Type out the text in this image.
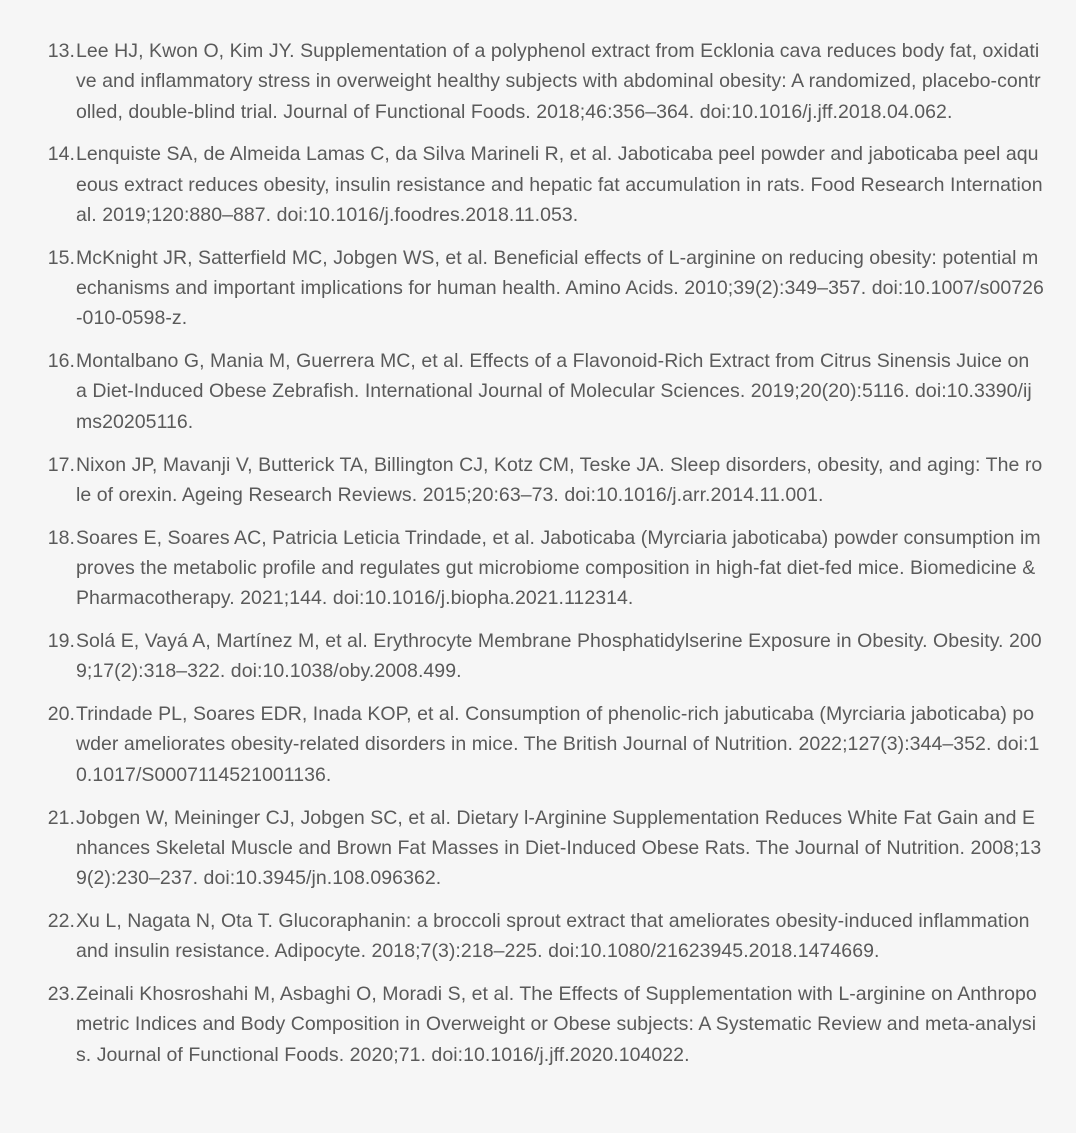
13. Lee HJ, Kwon O, Kim JY. Supplementation of a polyphenol extract from Ecklonia cava reduces body fat, oxidative and inflammatory stress in overweight healthy subjects with abdominal obesity: A randomized, placebo-controlled, double-blind trial. Journal of Functional Foods. 2018;46:356–364. doi:10.1016/j.jff.2018.04.062.
14. Lenquiste SA, de Almeida Lamas C, da Silva Marineli R, et al. Jaboticaba peel powder and jaboticaba peel aqueous extract reduces obesity, insulin resistance and hepatic fat accumulation in rats. Food Research International. 2019;120:880–887. doi:10.1016/j.foodres.2018.11.053.
15. McKnight JR, Satterfield MC, Jobgen WS, et al. Beneficial effects of L-arginine on reducing obesity: potential mechanisms and important implications for human health. Amino Acids. 2010;39(2):349–357. doi:10.1007/s00726-010-0598-z.
16. Montalbano G, Mania M, Guerrera MC, et al. Effects of a Flavonoid-Rich Extract from Citrus Sinensis Juice on a Diet-Induced Obese Zebrafish. International Journal of Molecular Sciences. 2019;20(20):5116. doi:10.3390/ijms20205116.
17. Nixon JP, Mavanji V, Butterick TA, Billington CJ, Kotz CM, Teske JA. Sleep disorders, obesity, and aging: The role of orexin. Ageing Research Reviews. 2015;20:63–73. doi:10.1016/j.arr.2014.11.001.
18. Soares E, Soares AC, Patricia Leticia Trindade, et al. Jaboticaba (Myrciaria jaboticaba) powder consumption improves the metabolic profile and regulates gut microbiome composition in high-fat diet-fed mice. Biomedicine & Pharmacotherapy. 2021;144. doi:10.1016/j.biopha.2021.112314.
19. Solá E, Vayá A, Martínez M, et al. Erythrocyte Membrane Phosphatidylserine Exposure in Obesity. Obesity. 2009;17(2):318–322. doi:10.1038/oby.2008.499.
20. Trindade PL, Soares EDR, Inada KOP, et al. Consumption of phenolic-rich jabuticaba (Myrciaria jaboticaba) powder ameliorates obesity-related disorders in mice. The British Journal of Nutrition. 2022;127(3):344–352. doi:10.1017/S0007114521001136.
21. Jobgen W, Meininger CJ, Jobgen SC, et al. Dietary l-Arginine Supplementation Reduces White Fat Gain and Enhances Skeletal Muscle and Brown Fat Masses in Diet-Induced Obese Rats. The Journal of Nutrition. 2008;139(2):230–237. doi:10.3945/jn.108.096362.
22. Xu L, Nagata N, Ota T. Glucoraphanin: a broccoli sprout extract that ameliorates obesity-induced inflammation and insulin resistance. Adipocyte. 2018;7(3):218–225. doi:10.1080/21623945.2018.1474669.
23. Zeinali Khosroshahi M, Asbaghi O, Moradi S, et al. The Effects of Supplementation with L-arginine on Anthropometric Indices and Body Composition in Overweight or Obese subjects: A Systematic Review and meta-analysis. Journal of Functional Foods. 2020;71. doi:10.1016/j.jff.2020.104022.
